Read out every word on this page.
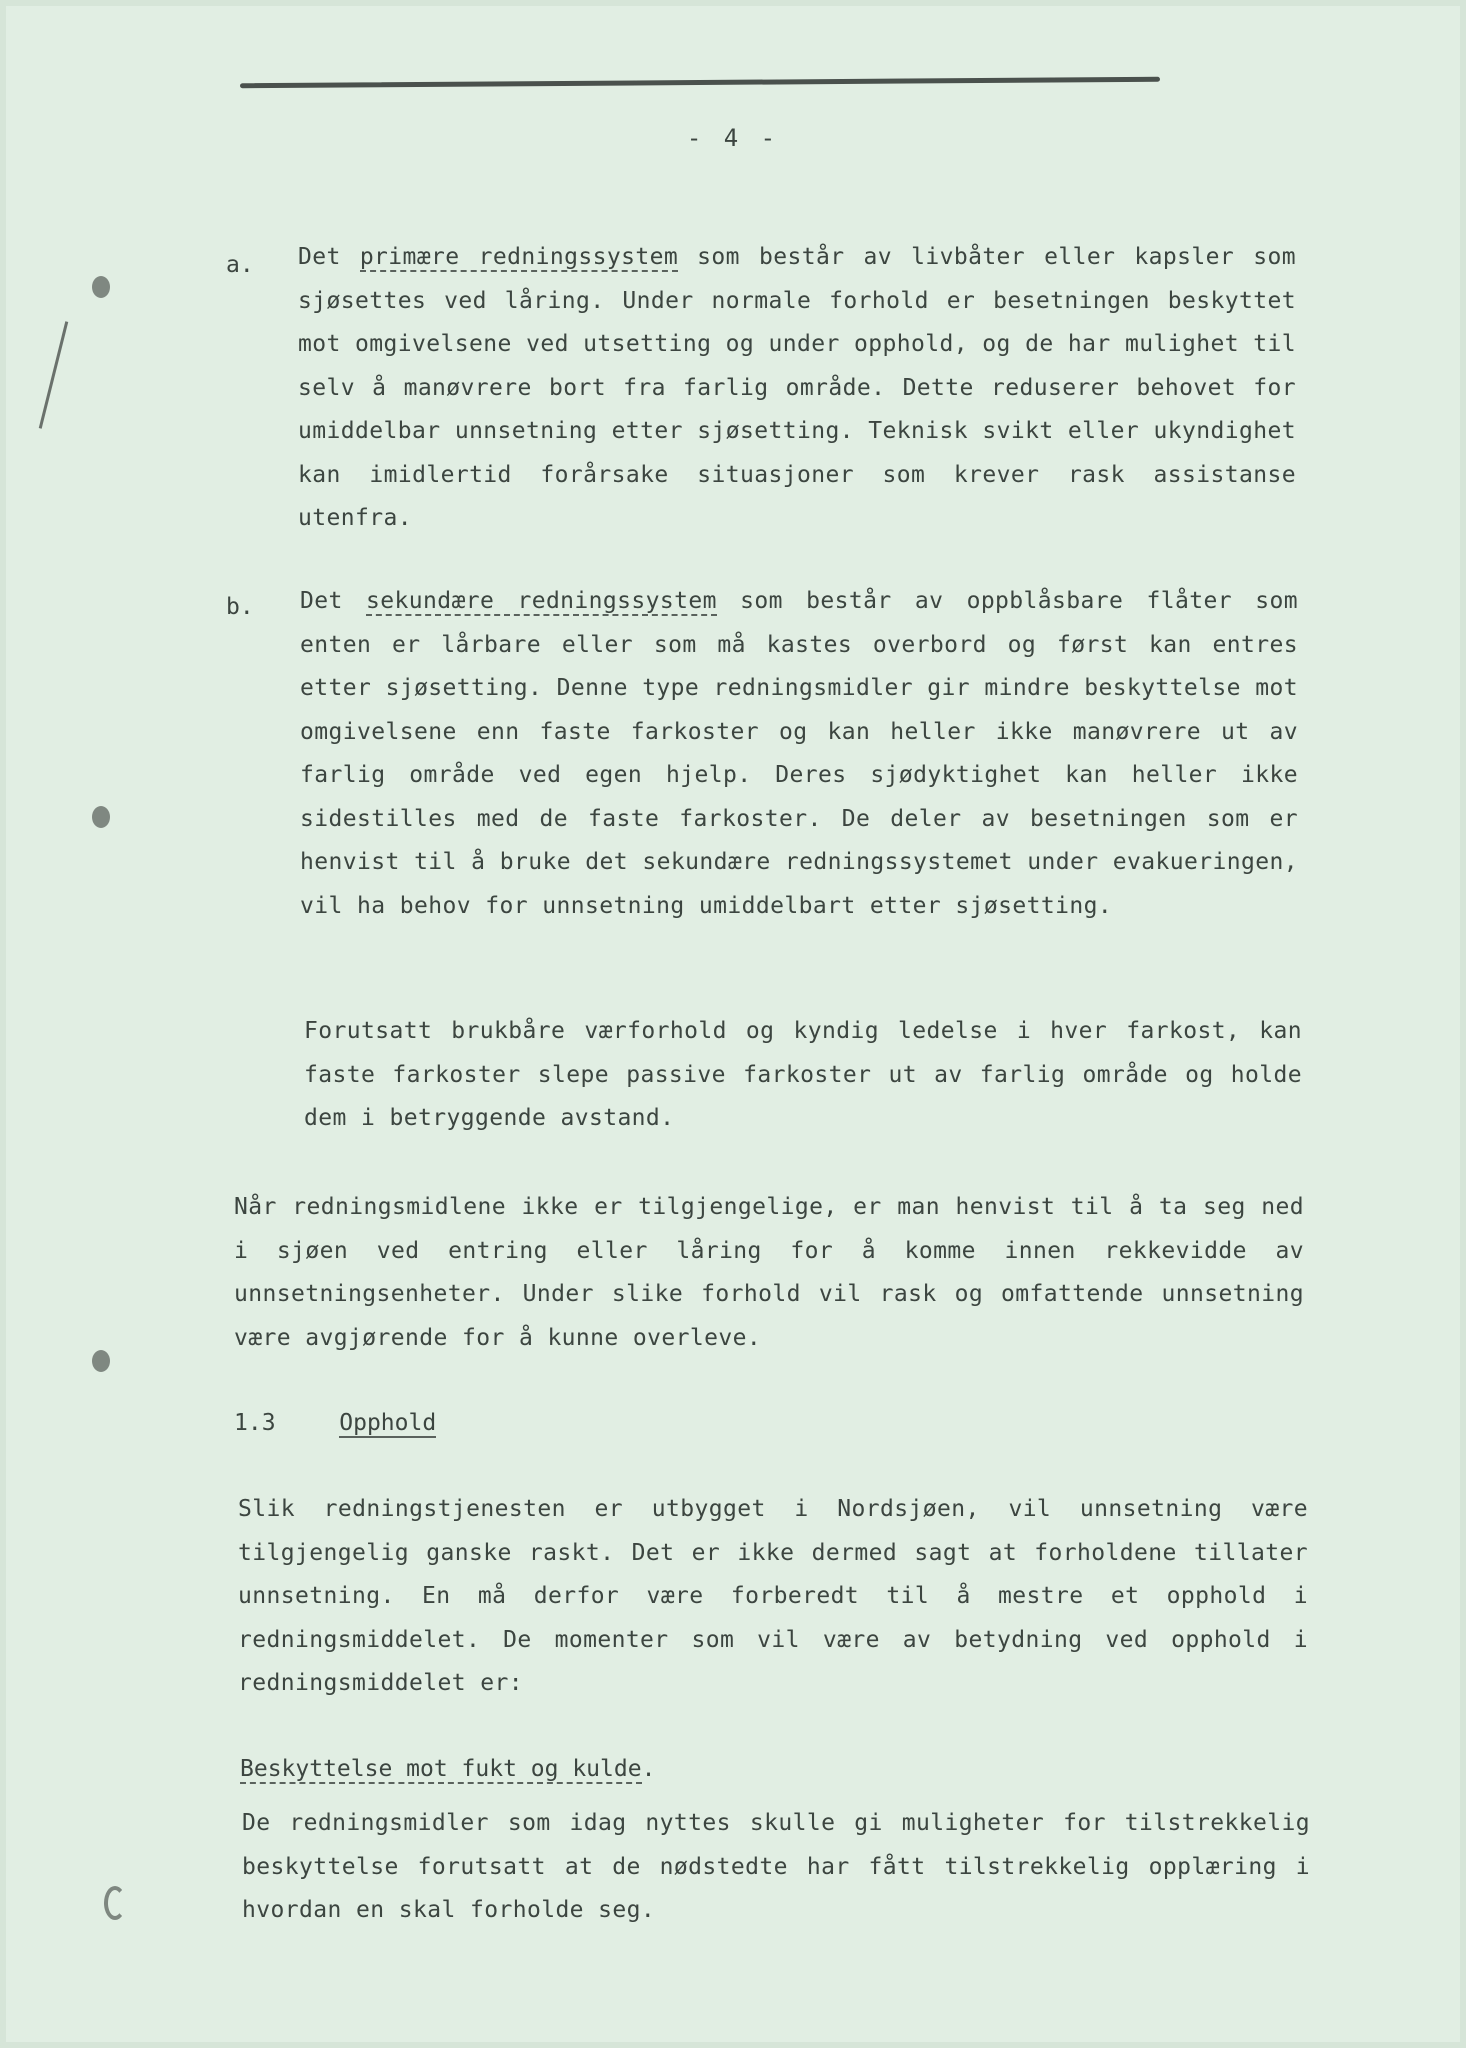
- 4 -
a. Det primære redningssystem som består av livbåter eller kapsler som sjøsettes ved låring. Under normale forhold er besetningen beskyttet mot omgivelsene ved utsetting og under opphold, og de har mulighet til selv å manøvrere bort fra farlig område. Dette reduserer behovet for umiddelbar unnsetning etter sjøsetting. Teknisk svikt eller ukyndighet kan imidlertid forårsake situasjoner som krever rask assistanse utenfra.

b. Det sekundære redningssystem som består av oppblåsbare flåter som enten er lårbare eller som må kastes overbord og først kan entres etter sjøsetting. Denne type redningsmidler gir mindre beskyttelse mot omgivelsene enn faste farkoster og kan heller ikke manøvrere ut av farlig område ved egen hjelp. Deres sjødyktighet kan heller ikke sidestilles med de faste farkoster. De deler av besetningen som er henvist til å bruke det sekundære redningssystemet under evakueringen, vil ha behov for unnsetning umiddelbart etter sjøsetting.

Forutsatt brukbåre værforhold og kyndig ledelse i hver farkost, kan faste farkoster slepe passive farkoster ut av farlig område og holde dem i betryggende avstand.

Når redningsmidlene ikke er tilgjengelige, er man henvist til å ta seg ned i sjøen ved entring eller låring for å komme innen rekkevidde av unnsetningsenheter. Under slike forhold vil rask og omfattende unnsetning være avgjørende for å kunne overleve.

1.3	Opphold

Slik redningstjenesten er utbygget i Nordsjøen, vil unnsetning være tilgjengelig ganske raskt. Det er ikke dermed sagt at forholdene tillater unnsetning. En må derfor være forberedt til å mestre et opphold i redningsmiddelet. De momenter som vil være av betydning ved opphold i redningsmiddelet er:

Beskyttelse mot fukt og kulde.

De redningsmidler som idag nyttes skulle gi muligheter for tilstrekkelig beskyttelse forutsatt at de nødstedte har fått tilstrekkelig opplæring i hvordan en skal forholde seg.
